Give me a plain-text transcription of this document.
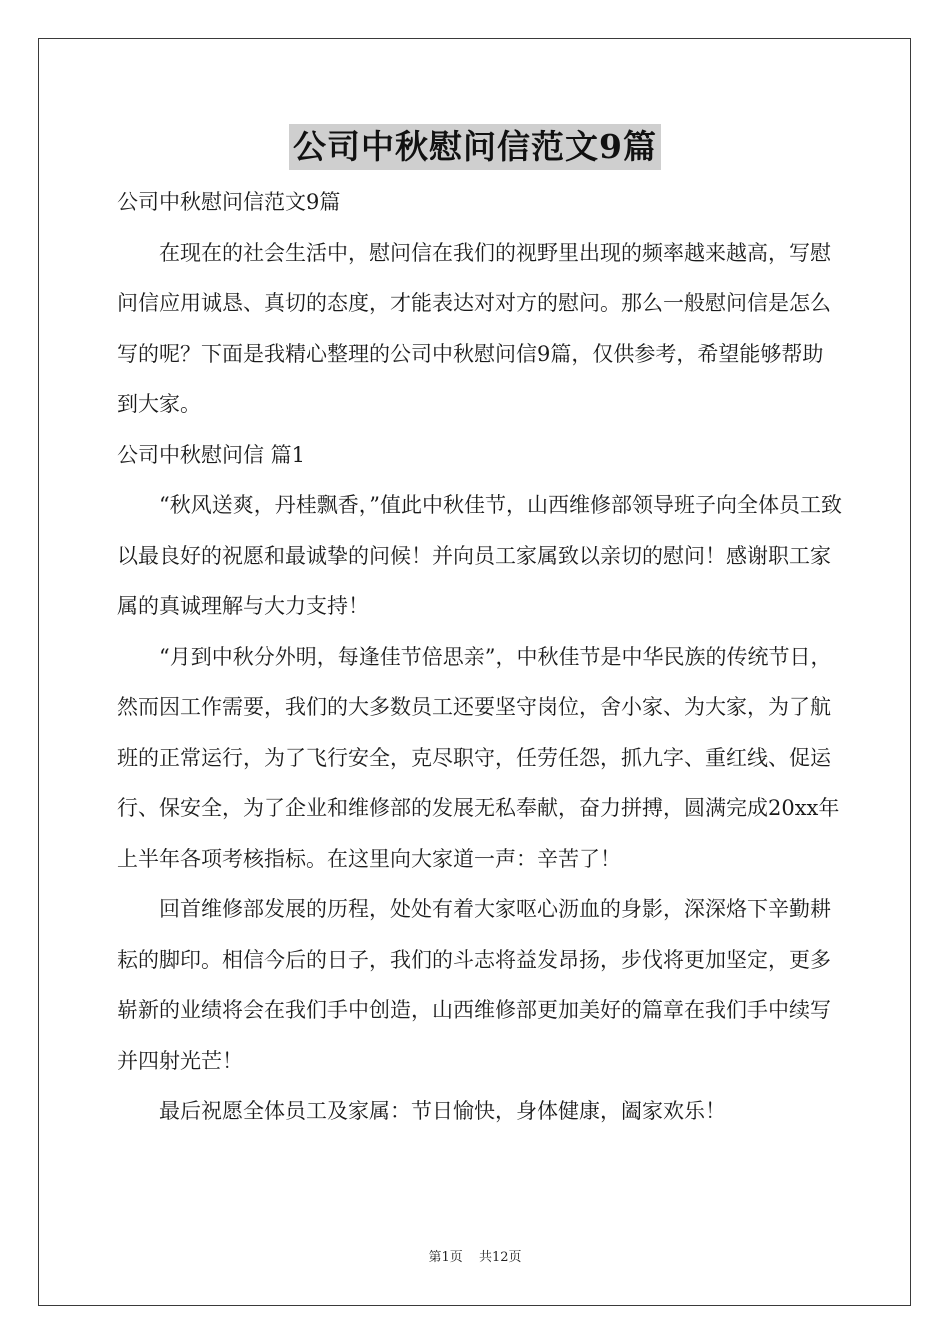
公司中秋慰问信范文9篇

公司中秋慰问信范文9篇

在现在的社会生活中，慰问信在我们的视野里出现的频率越来越高，写慰问信应用诚恳、真切的态度，才能表达对对方的慰问。那么一般慰问信是怎么写的呢？下面是我精心整理的公司中秋慰问信9篇，仅供参考，希望能够帮助到大家。

公司中秋慰问信 篇1

“秋风送爽，丹桂飘香，”值此中秋佳节，山西维修部领导班子向全体员工致以最良好的祝愿和最诚挚的问候！并向员工家属致以亲切的慰问！感谢职工家属的真诚理解与大力支持！

“月到中秋分外明，每逢佳节倍思亲”，中秋佳节是中华民族的传统节日，然而因工作需要，我们的大多数员工还要坚守岗位，舍小家、为大家，为了航班的正常运行，为了飞行安全，克尽职守，任劳任怨，抓九字、重红线、促运行、保安全，为了企业和维修部的发展无私奉献，奋力拼搏，圆满完成20xx年上半年各项考核指标。在这里向大家道一声：辛苦了！

回首维修部发展的历程，处处有着大家呕心沥血的身影，深深烙下辛勤耕耘的脚印。相信今后的日子，我们的斗志将益发昂扬，步伐将更加坚定，更多崭新的业绩将会在我们手中创造，山西维修部更加美好的篇章在我们手中续写并四射光芒！

最后祝愿全体员工及家属：节日愉快，身体健康，阖家欢乐！

第1页 共12页
